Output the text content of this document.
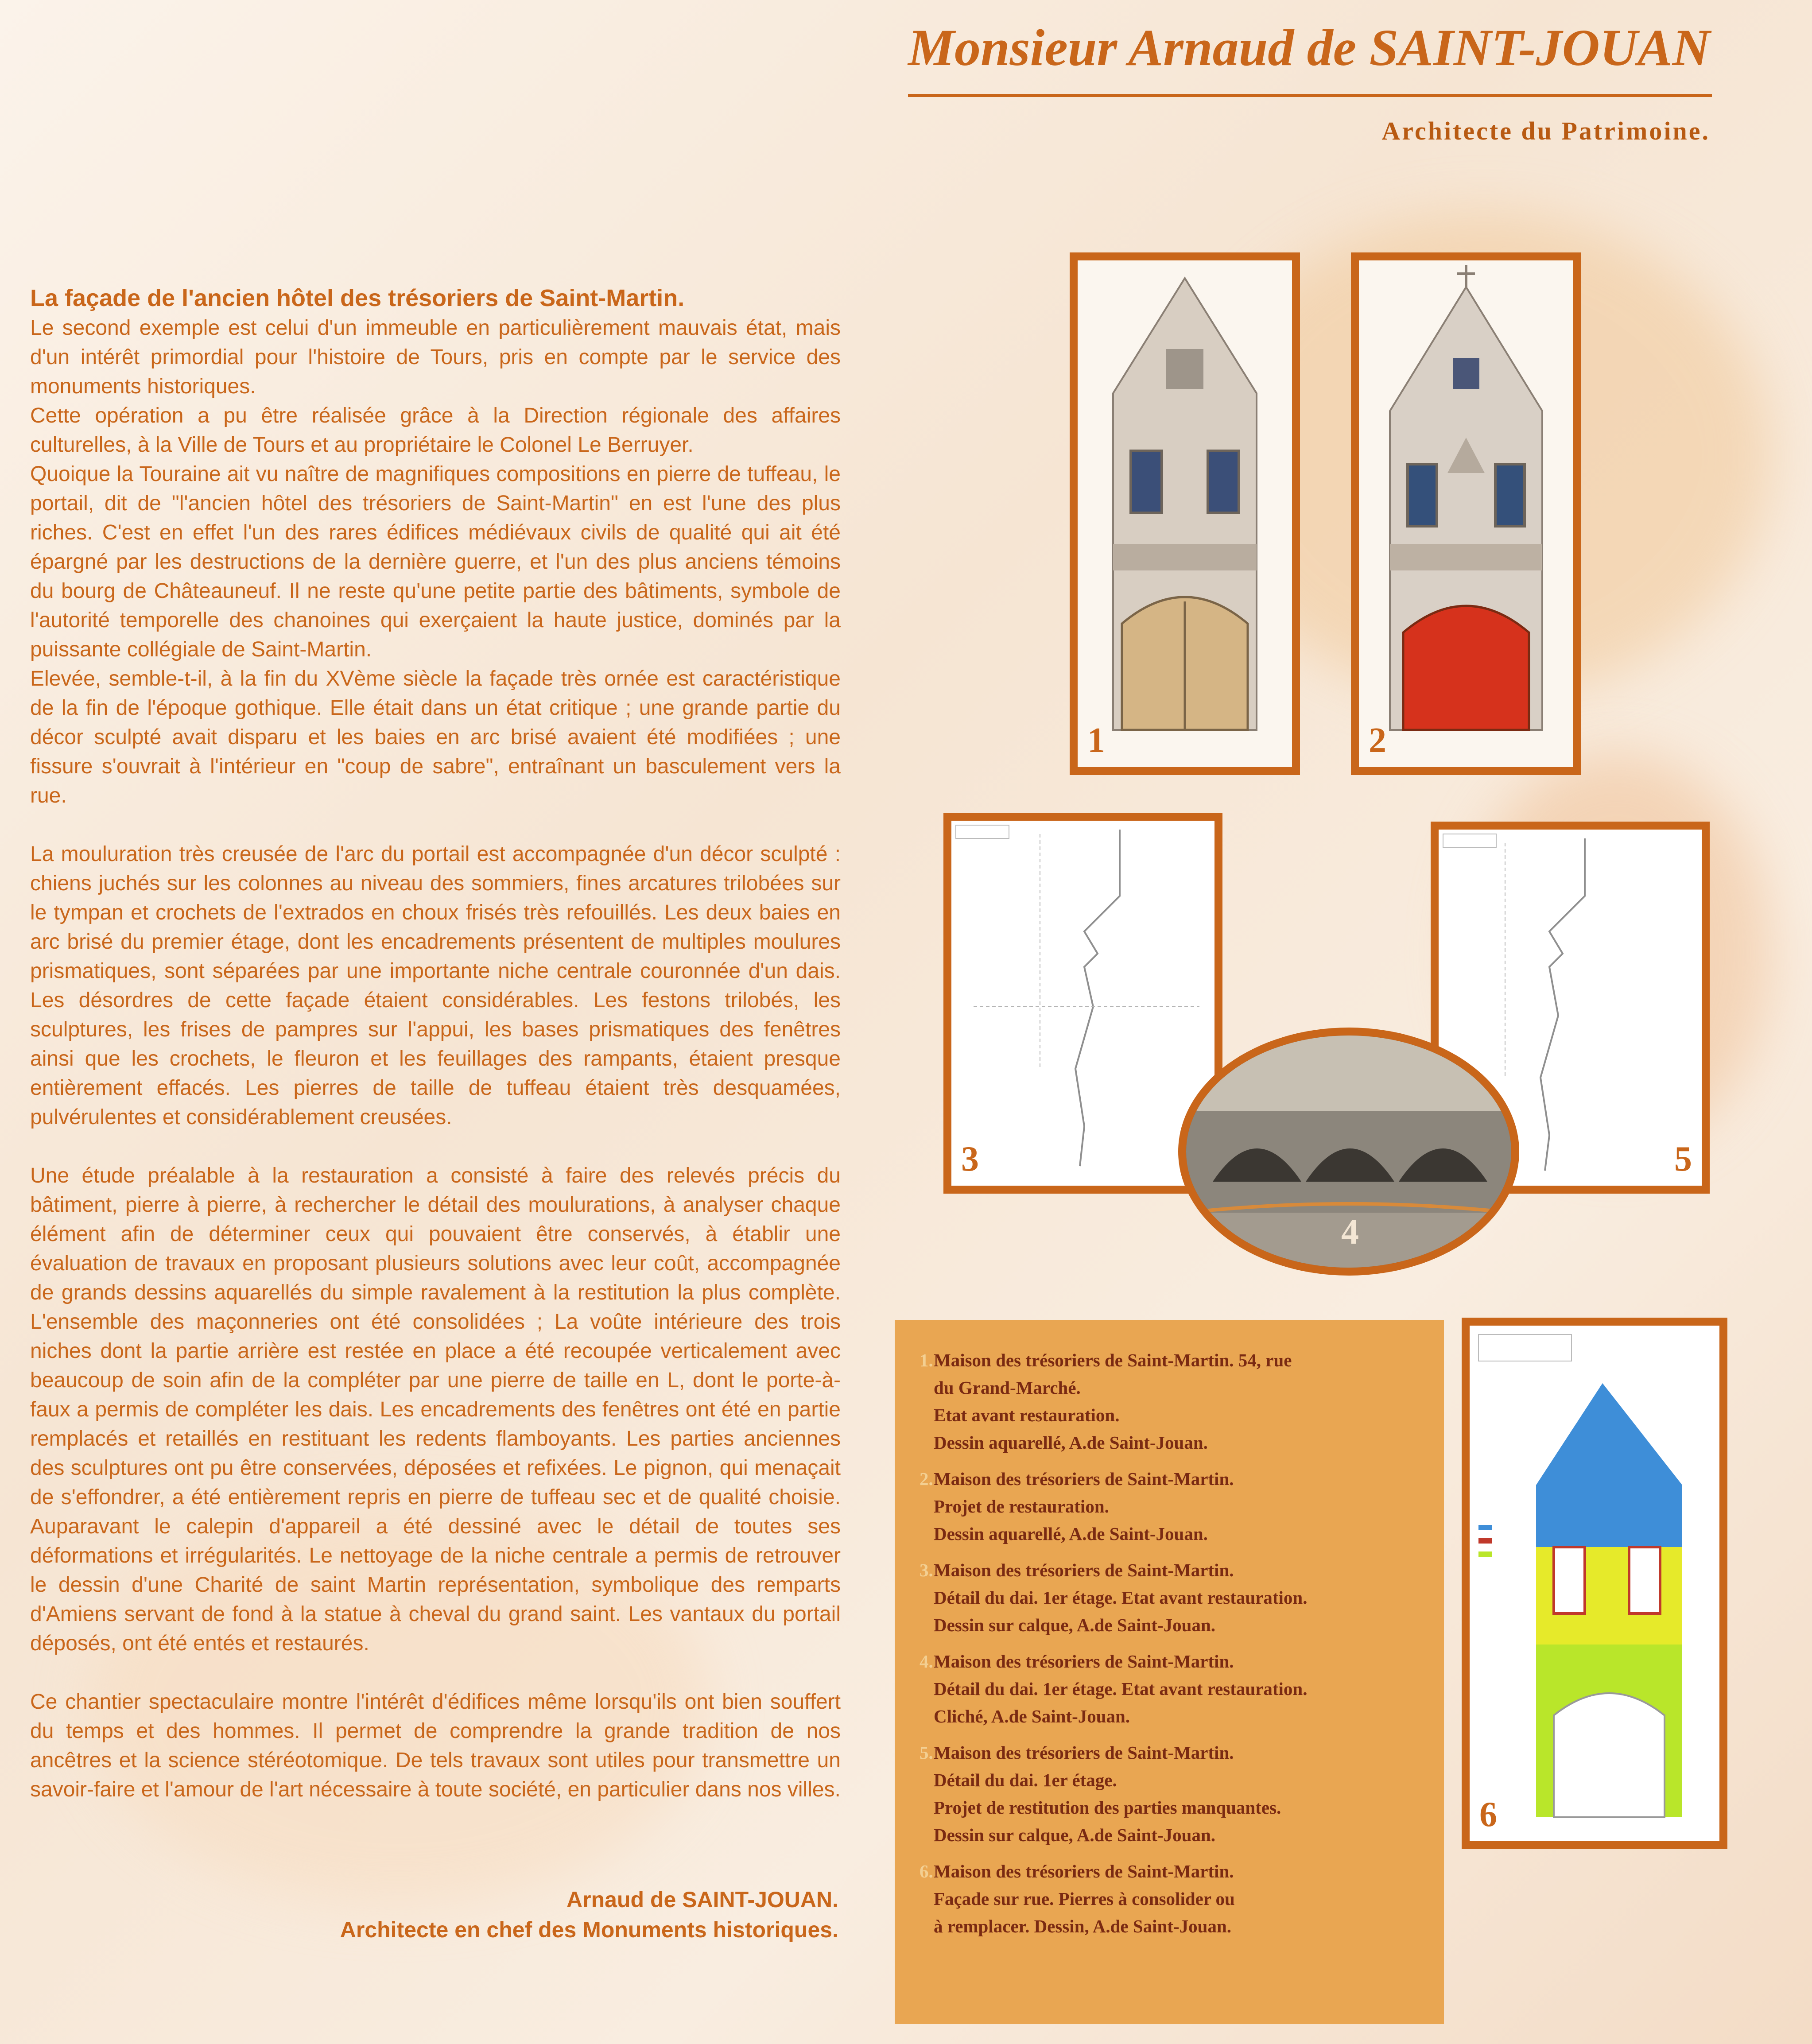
Monsieur Arnaud de SAINT-JOUAN
Architecte du Patrimoine.
La façade de l'ancien hôtel des trésoriers de Saint-Martin.

Le second exemple est celui d'un immeuble en particulièrement mauvais état, mais d'un intérêt primordial pour l'histoire de Tours, pris en compte par le service des monuments historiques.

Cette opération a pu être réalisée grâce à la Direction régionale des affaires culturelles, à la Ville de Tours et au propriétaire le Colonel Le Berruyer.

Quoique la Touraine ait vu naître de magnifiques compositions en pierre de tuffeau, le portail, dit de "l'ancien hôtel des trésoriers de Saint-Martin" en est l'une des plus riches. C'est en effet l'un des rares édifices médiévaux civils de qualité qui ait été épargné par les destructions de la dernière guerre, et l'un des plus anciens témoins du bourg de Châteauneuf. Il ne reste qu'une petite partie des bâtiments, symbole de l'autorité temporelle des chanoines qui exerçaient la haute justice, dominés par la puissante collégiale de Saint-Martin.

Elevée, semble-t-il, à la fin du XVème siècle la façade très ornée est caractéristique de la fin de l'époque gothique. Elle était dans un état critique ; une grande partie du décor sculpté avait disparu et les baies en arc brisé avaient été modifiées ; une fissure s'ouvrait à l'intérieur en "coup de sabre", entraînant un basculement vers la rue.

La mouluration très creusée de l'arc du portail est accompagnée d'un décor sculpté : chiens juchés sur les colonnes au niveau des sommiers, fines arcatures trilobées sur le tympan et crochets de l'extrados en choux frisés très refouillés. Les deux baies en arc brisé du premier étage, dont les encadrements présentent de multiples moulures prismatiques, sont séparées par une importante niche centrale couronnée d'un dais. Les désordres de cette façade étaient considérables. Les festons trilobés, les sculptures, les frises de pampres sur l'appui, les bases prismatiques des fenêtres ainsi que les crochets, le fleuron et les feuillages des rampants, étaient presque entièrement effacés. Les pierres de taille de tuffeau étaient très desquamées, pulvérulentes et considérablement creusées.

Une étude préalable à la restauration a consisté à faire des relevés précis du bâtiment, pierre à pierre, à rechercher le détail des moulurations, à analyser chaque élément afin de déterminer ceux qui pouvaient être conservés, à établir une évaluation de travaux en proposant plusieurs solutions avec leur coût, accompagnée de grands dessins aquarellés du simple ravalement à la restitution la plus complète. L'ensemble des maçonneries ont été consolidées ; La voûte intérieure des trois niches dont la partie arrière est restée en place a été recoupée verticalement avec beaucoup de soin afin de la compléter par une pierre de taille en L, dont le porte-à-faux a permis de compléter les dais. Les encadrements des fenêtres ont été en partie remplacés et retaillés en restituant les redents flamboyants. Les parties anciennes des sculptures ont pu être conservées, déposées et refixées. Le pignon, qui menaçait de s'effondrer, a été entièrement repris en pierre de tuffeau sec et de qualité choisie. Auparavant le calepin d'appareil a été dessiné avec le détail de toutes ses déformations et irrégularités. Le nettoyage de la niche centrale a permis de retrouver le dessin d'une Charité de saint Martin représentation, symbolique des remparts d'Amiens servant de fond à la statue à cheval du grand saint. Les vantaux du portail déposés, ont été entés et restaurés.

Ce chantier spectaculaire montre l'intérêt d'édifices même lorsqu'ils ont bien souffert du temps et des hommes. Il permet de comprendre la grande tradition de nos ancêtres et la science stéréotomique. De tels travaux sont utiles pour transmettre un savoir-faire et l'amour de l'art nécessaire à toute société, en particulier dans nos villes.

Arnaud de SAINT-JOUAN.
Architecte en chef des Monuments historiques.
1	2
3	5
4
6
1. Maison des trésoriers de Saint-Martin. 54, rue
du Grand-Marché.
Etat avant restauration.
Dessin aquarellé, A.de Saint-Jouan.
2. Maison des trésoriers de Saint-Martin.
Projet de restauration.
Dessin aquarellé, A.de Saint-Jouan.
3. Maison des trésoriers de Saint-Martin.
Détail du dai. 1er étage. Etat avant restauration.
Dessin sur calque, A.de Saint-Jouan.
4. Maison des trésoriers de Saint-Martin.
Détail du dai. 1er étage. Etat avant restauration.
Cliché, A.de Saint-Jouan.
5. Maison des trésoriers de Saint-Martin.
Détail du dai. 1er étage.
Projet de restitution des parties manquantes.
Dessin sur calque, A.de Saint-Jouan.
6. Maison des trésoriers de Saint-Martin.
Façade sur rue. Pierres à consolider ou
à remplacer. Dessin, A.de Saint-Jouan.
